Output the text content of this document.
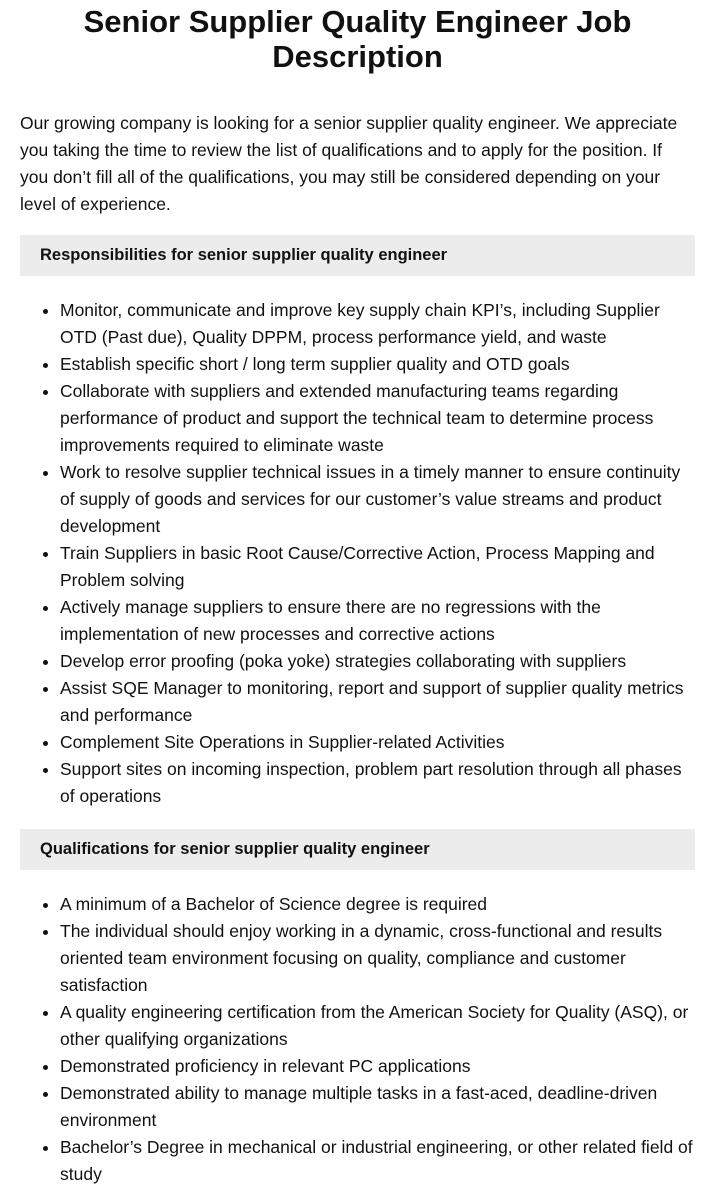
Senior Supplier Quality Engineer Job Description

Our growing company is looking for a senior supplier quality engineer. We appreciate you taking the time to review the list of qualifications and to apply for the position. If you don’t fill all of the qualifications, you may still be considered depending on your level of experience.

Responsibilities for senior supplier quality engineer
• Monitor, communicate and improve key supply chain KPI’s, including Supplier OTD (Past due), Quality DPPM, process performance yield, and waste
• Establish specific short / long term supplier quality and OTD goals
• Collaborate with suppliers and extended manufacturing teams regarding performance of product and support the technical team to determine process improvements required to eliminate waste
• Work to resolve supplier technical issues in a timely manner to ensure continuity of supply of goods and services for our customer’s value streams and product development
• Train Suppliers in basic Root Cause/Corrective Action, Process Mapping and Problem solving
• Actively manage suppliers to ensure there are no regressions with the implementation of new processes and corrective actions
• Develop error proofing (poka yoke) strategies collaborating with suppliers
• Assist SQE Manager to monitoring, report and support of supplier quality metrics and performance
• Complement Site Operations in Supplier-related Activities
• Support sites on incoming inspection, problem part resolution through all phases of operations
Qualifications for senior supplier quality engineer
• A minimum of a Bachelor of Science degree is required
• The individual should enjoy working in a dynamic, cross-functional and results oriented team environment focusing on quality, compliance and customer satisfaction
• A quality engineering certification from the American Society for Quality (ASQ), or other qualifying organizations
• Demonstrated proficiency in relevant PC applications
• Demonstrated ability to manage multiple tasks in a fast-aced, deadline-driven environment
• Bachelor’s Degree in mechanical or industrial engineering, or other related field of study
